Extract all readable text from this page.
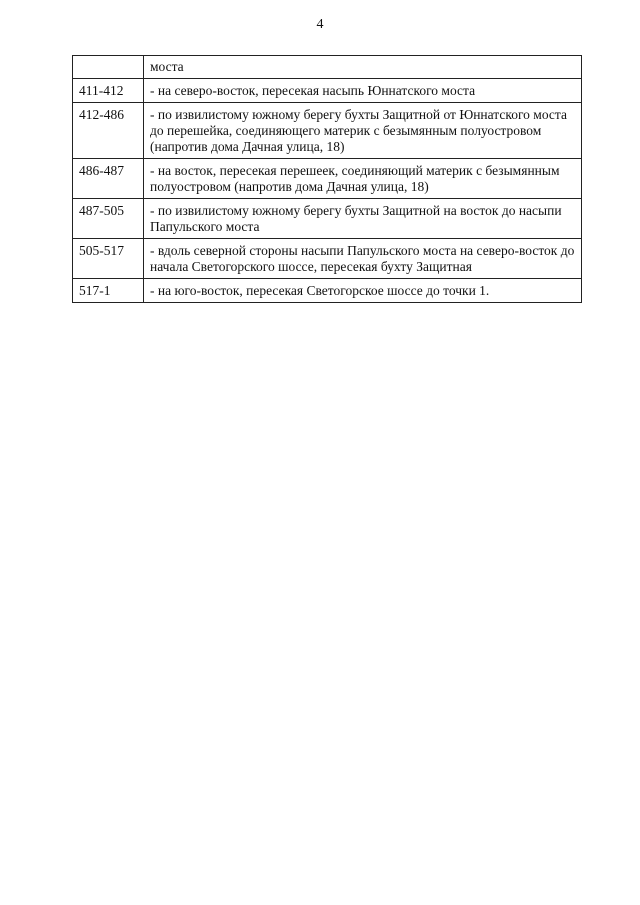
4
	моста
411-412	- на северо-восток, пересекая насыпь Юннатского моста
412-486	- по извилистому южному берегу бухты Защитной от Юннатского моста до перешейка, соединяющего материк с безымянным полуостровом (напротив дома Дачная улица, 18)
486-487	- на восток, пересекая перешеек, соединяющий материк с безымянным полуостровом (напротив дома Дачная улица, 18)
487-505	- по извилистому южному берегу бухты Защитной на восток до насыпи Папульского моста
505-517	- вдоль северной стороны насыпи Папульского моста на северо-восток до начала Светогорского шоссе, пересекая бухту Защитная
517-1	- на юго-восток, пересекая Светогорское шоссе до точки 1.
